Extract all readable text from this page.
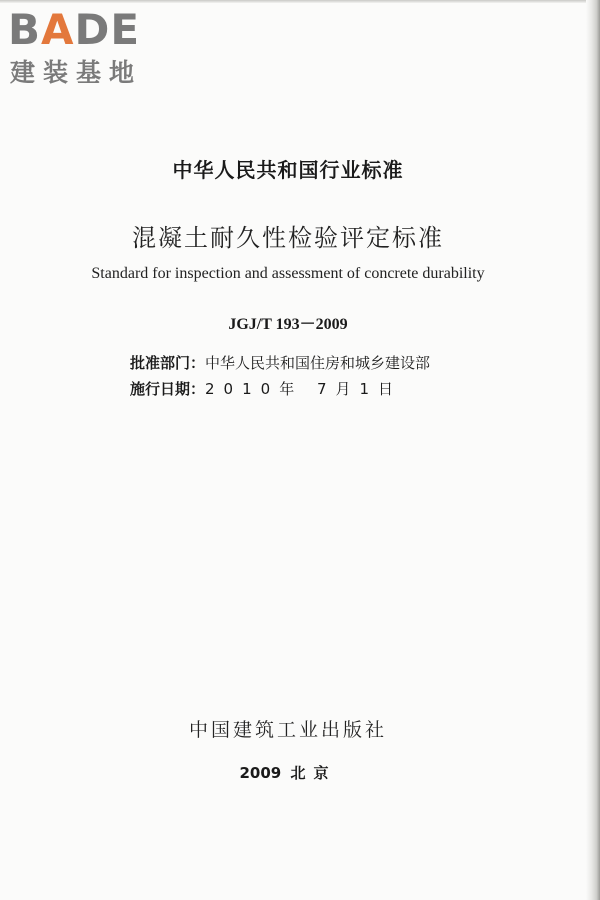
BADE
建装基地
中华人民共和国行业标准
混凝土耐久性检验评定标准
Standard for inspection and assessment of concrete durability
JGJ/T 193－2009
批准部门：中华人民共和国住房和城乡建设部
施行日期：2010年 7月1日
中国建筑工业出版社
2009 北京
